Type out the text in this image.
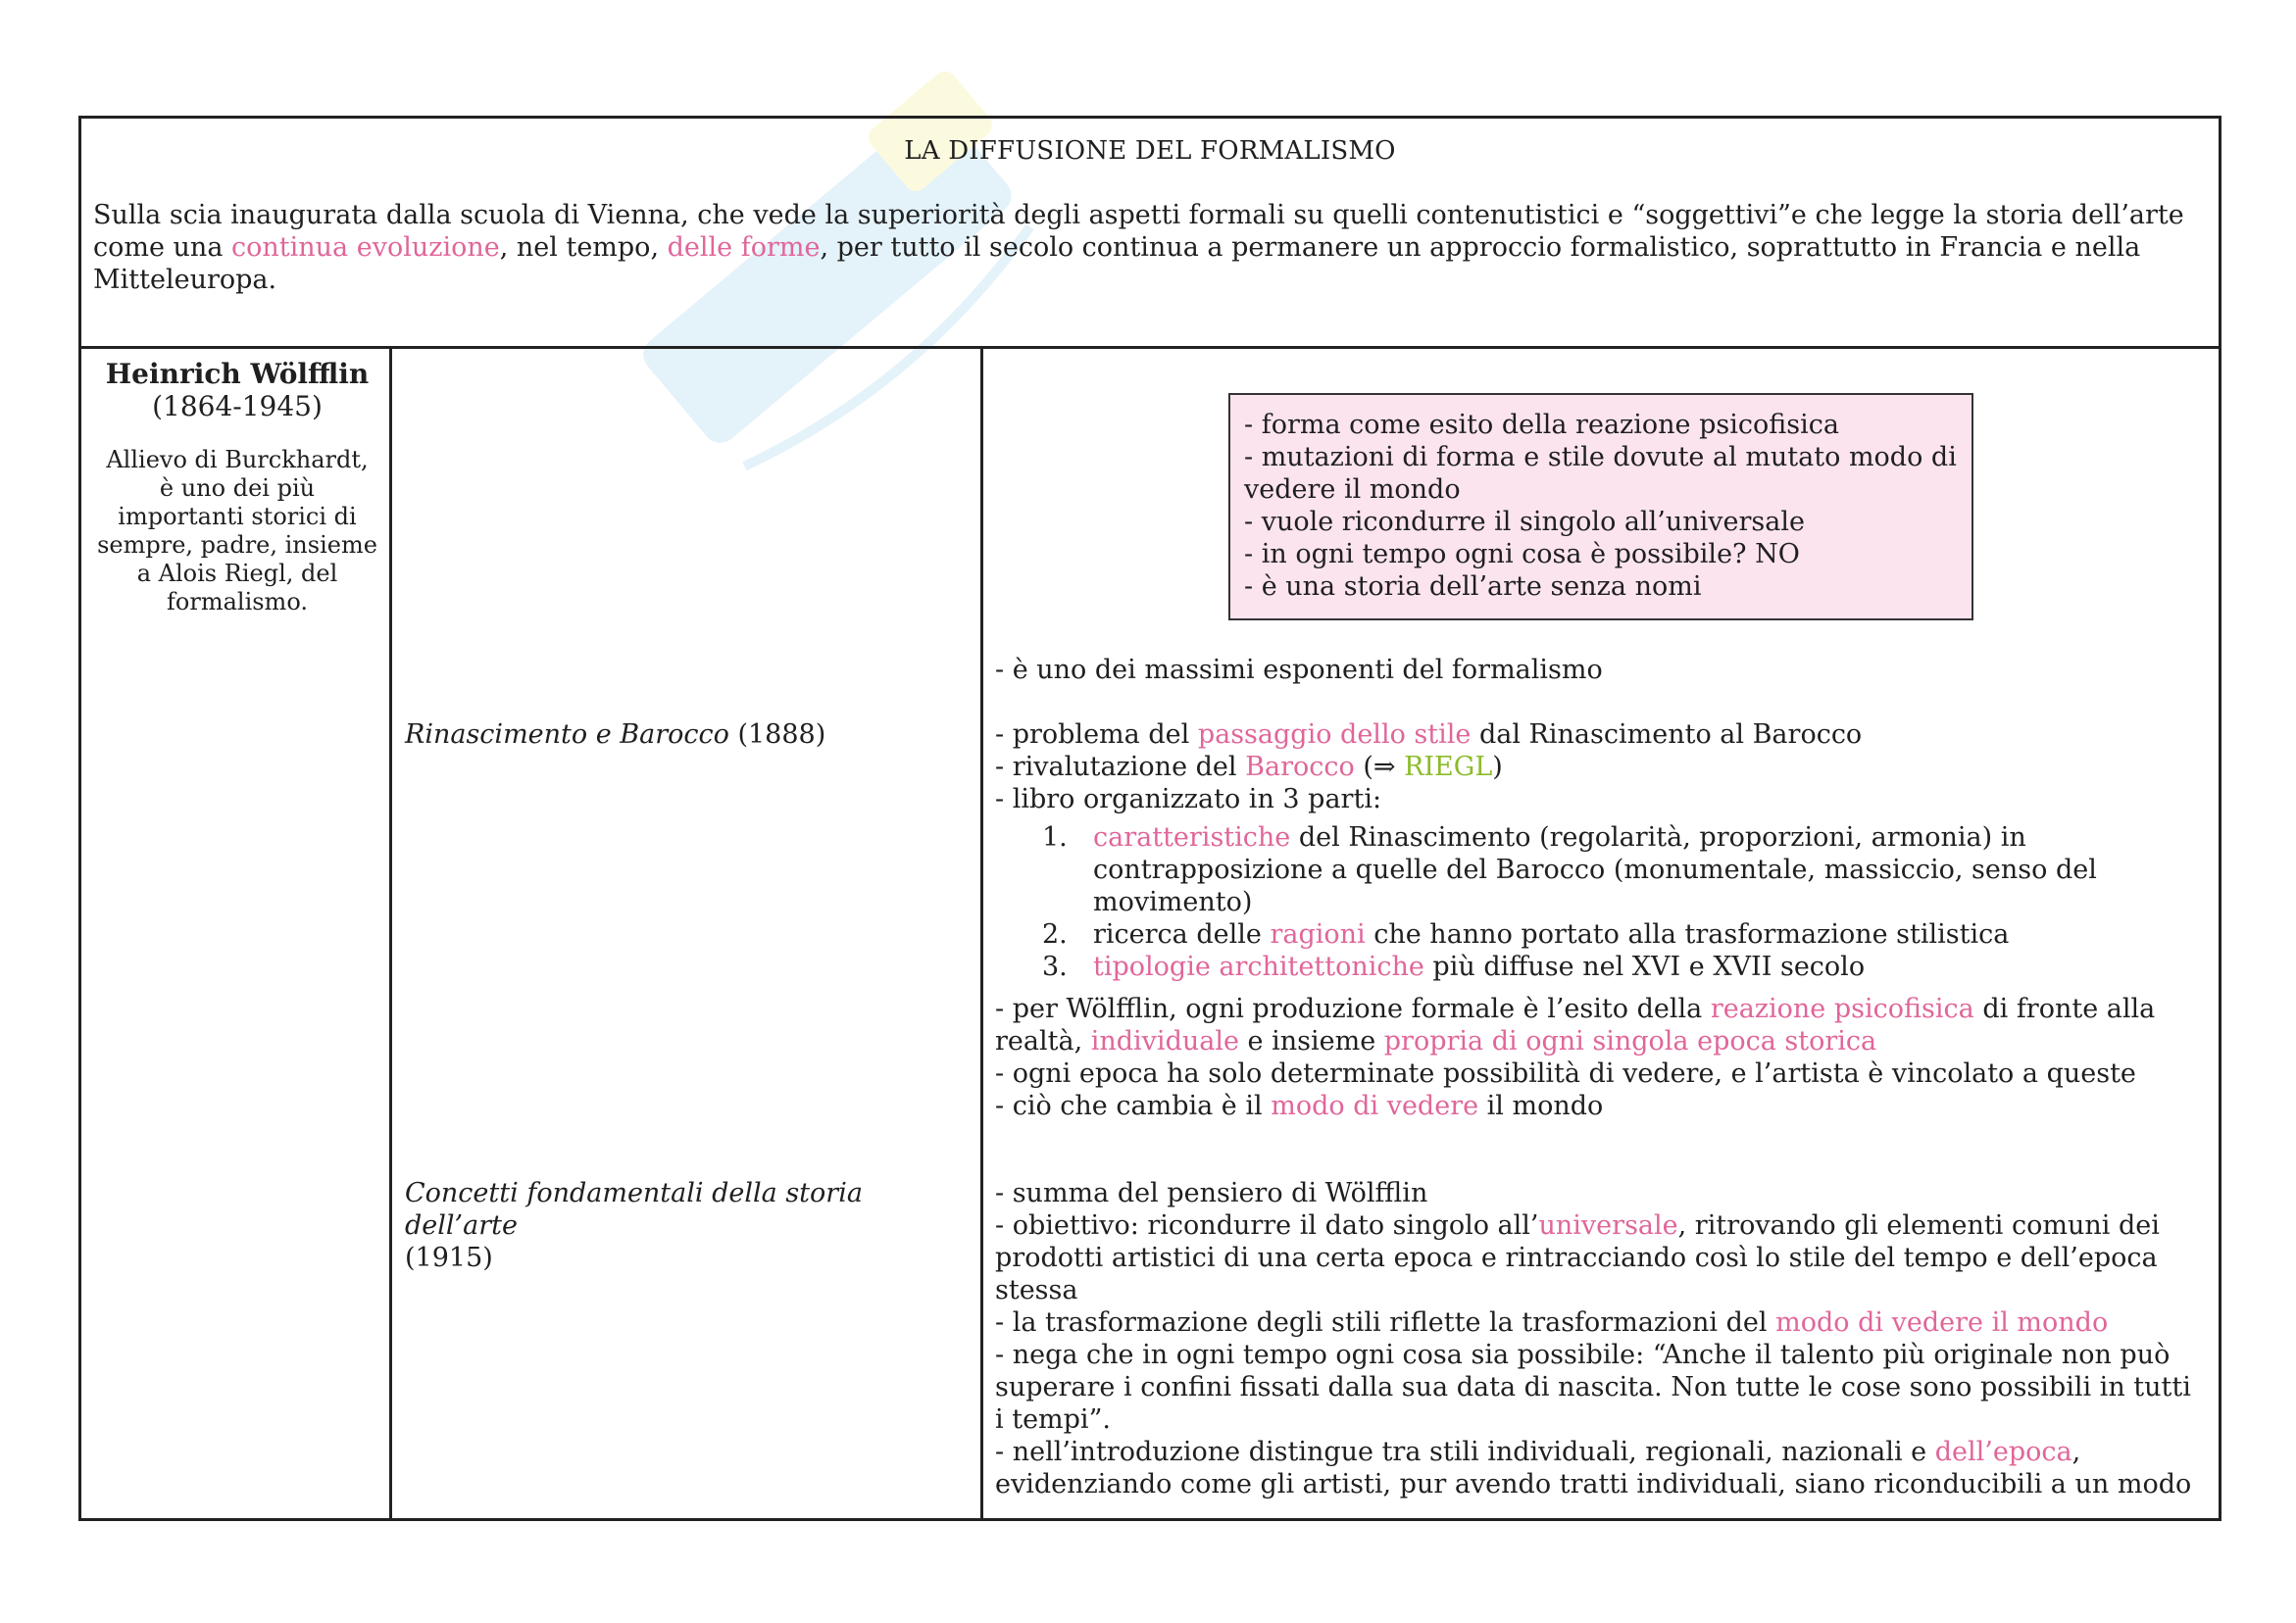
LA DIFFUSIONE DEL FORMALISMO
Sulla scia inaugurata dalla scuola di Vienna, che vede la superiorità degli aspetti formali su quelli contenutistici e “soggettivi”e che legge la storia dell’arte come una continua evoluzione, nel tempo, delle forme, per tutto il secolo continua a permanere un approccio formalistico, soprattutto in Francia e nella Mitteleuropa.
Heinrich Wölfflin
(1864-1945)
Allievo di Burckhardt, è uno dei più importanti storici di sempre, padre, insieme a Alois Riegl, del formalismo.
Rinascimento e Barocco (1888)
Concetti fondamentali della storia dell’arte
(1915)
- forma come esito della reazione psicofisica
- mutazioni di forma e stile dovute al mutato modo di vedere il mondo
- vuole ricondurre il singolo all’universale
- in ogni tempo ogni cosa è possibile? NO
- è una storia dell’arte senza nomi

- è uno dei massimi esponenti del formalismo

- problema del passaggio dello stile dal Rinascimento al Barocco

- rivalutazione del Barocco (⇒ RIEGL)

- libro organizzato in 3 parti:

1. caratteristiche del Rinascimento (regolarità, proporzioni, armonia) in contrapposizione a quelle del Barocco (monumentale, massiccio, senso del movimento)
2. ricerca delle ragioni che hanno portato alla trasformazione stilistica
3. tipologie architettoniche più diffuse nel XVI e XVII secolo

- per Wölfflin, ogni produzione formale è l’esito della reazione psicofisica di fronte alla realtà, individuale e insieme propria di ogni singola epoca storica

- ogni epoca ha solo determinate possibilità di vedere, e l’artista è vincolato a queste

- ciò che cambia è il modo di vedere il mondo

- summa del pensiero di Wölfflin

- obiettivo: ricondurre il dato singolo all’universale, ritrovando gli elementi comuni dei prodotti artistici di una certa epoca e rintracciando così lo stile del tempo e dell’epoca stessa

- la trasformazione degli stili riflette la trasformazioni del modo di vedere il mondo

- nega che in ogni tempo ogni cosa sia possibile: “Anche il talento più originale non può superare i confini fissati dalla sua data di nascita. Non tutte le cose sono possibili in tutti i tempi”.

- nell’introduzione distingue tra stili individuali, regionali, nazionali e dell’epoca, evidenziando come gli artisti, pur avendo tratti individuali, siano riconducibili a un modo
